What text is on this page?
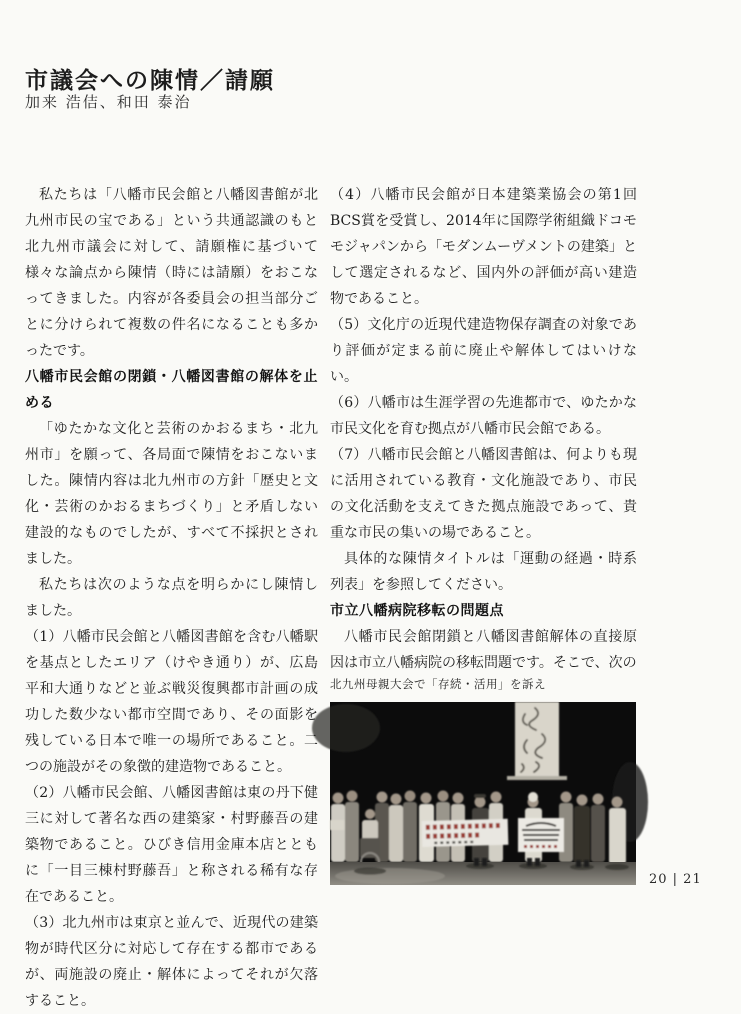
市議会への陳情／請願
加来 浩佶、和田 泰治

私たちは「八幡市民会館と八幡図書館が北九州市民の宝である」という共通認識のもと北九州市議会に対して、請願権に基づいて様々な論点から陳情（時には請願）をおこなってきました。内容が各委員会の担当部分ごとに分けられて複数の件名になることも多かったです。

八幡市民会館の閉鎖・八幡図書館の解体を止める

「ゆたかな文化と芸術のかおるまち・北九州市」を願って、各局面で陳情をおこないました。陳情内容は北九州市の方針「歴史と文化・芸術のかおるまちづくり」と矛盾しない建設的なものでしたが、すべて不採択とされました。

私たちは次のような点を明らかにし陳情しました。

（1）八幡市民会館と八幡図書館を含む八幡駅を基点としたエリア（けやき通り）が、広島平和大通りなどと並ぶ戦災復興都市計画の成功した数少ない都市空間であり、その面影を残している日本で唯一の場所であること。二つの施設がその象徴的建造物であること。

（2）八幡市民会館、八幡図書館は東の丹下健三に対して著名な西の建築家・村野藤吾の建築物であること。ひびき信用金庫本店とともに「一目三棟村野藤吾」と称される稀有な存在であること。

（3）北九州市は東京と並んで、近現代の建築物が時代区分に対応して存在する都市であるが、両施設の廃止・解体によってそれが欠落すること。

（4）八幡市民会館が日本建築業協会の第1回BCS賞を受賞し、2014年に国際学術組織ドコモモジャパンから「モダンムーヴメントの建築」として選定されるなど、国内外の評価が高い建造物であること。

（5）文化庁の近現代建造物保存調査の対象であり評価が定まる前に廃止や解体してはいけない。

（6）八幡市は生涯学習の先進都市で、ゆたかな市民文化を育む拠点が八幡市民会館である。

（7）八幡市民会館と八幡図書館は、何よりも現に活用されている教育・文化施設であり、市民の文化活動を支えてきた拠点施設であって、貴重な市民の集いの場であること。

具体的な陳情タイトルは「運動の経過・時系列表」を参照してください。

市立八幡病院移転の問題点

八幡市民会館閉鎖と八幡図書館解体の直接原因は市立八幡病院の移転問題です。そこで、次の

北九州母親大会で「存続・活用」を訴え

20 | 21
